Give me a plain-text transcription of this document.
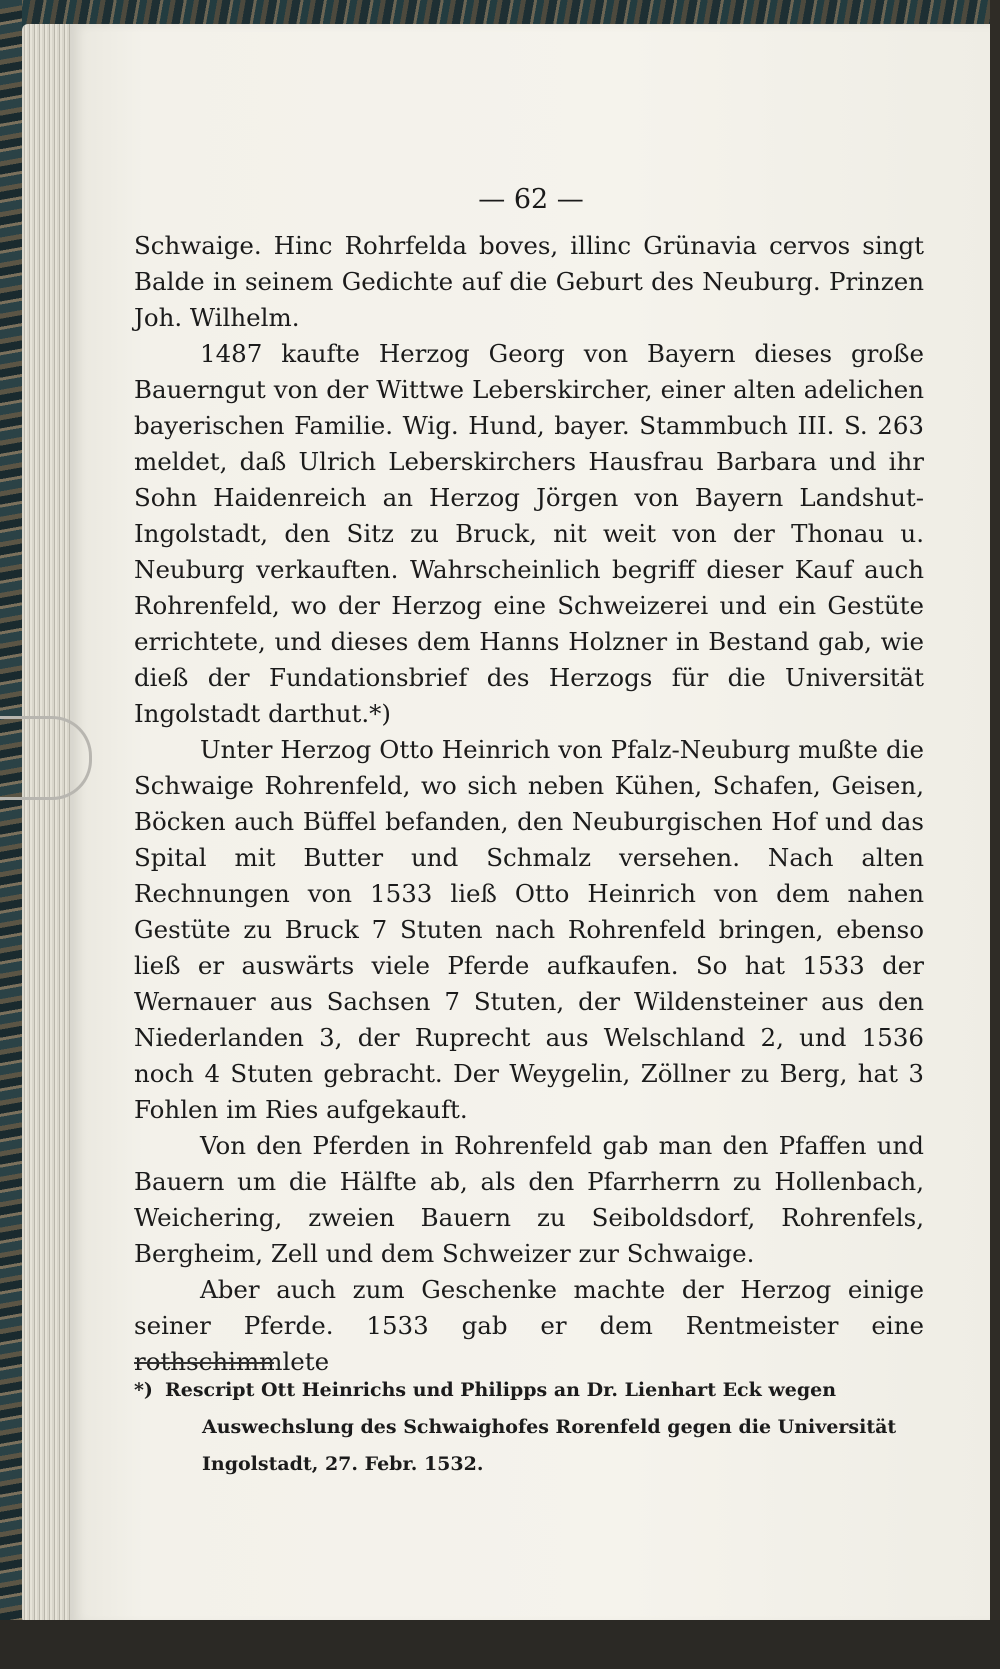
— 62 —

Schwaige. Hinc Rohrfelda boves, illinc Grünavia cervos singt Balde in seinem Gedichte auf die Geburt des Neuburg. Prinzen Joh. Wilhelm.

1487 kaufte Herzog Georg von Bayern dieses große Bauerngut von der Wittwe Leberskircher, einer alten adelichen bayerischen Familie. Wig. Hund, bayer. Stammbuch III. S. 263 meldet, daß Ulrich Leberskirchers Hausfrau Barbara und ihr Sohn Haidenreich an Herzog Jörgen von Bayern Landshut-Ingolstadt, den Sitz zu Bruck, nit weit von der Thonau u. Neuburg verkauften. Wahrscheinlich begriff dieser Kauf auch Rohrenfeld, wo der Herzog eine Schweizerei und ein Gestüte errichtete, und dieses dem Hanns Holzner in Bestand gab, wie dieß der Fundationsbrief des Herzogs für die Universität Ingolstadt darthut.*)

Unter Herzog Otto Heinrich von Pfalz-Neuburg mußte die Schwaige Rohrenfeld, wo sich neben Kühen, Schafen, Geisen, Böcken auch Büffel befanden, den Neuburgischen Hof und das Spital mit Butter und Schmalz versehen. Nach alten Rechnungen von 1533 ließ Otto Heinrich von dem nahen Gestüte zu Bruck 7 Stuten nach Rohrenfeld bringen, ebenso ließ er auswärts viele Pferde aufkaufen. So hat 1533 der Wernauer aus Sachsen 7 Stuten, der Wildensteiner aus den Niederlanden 3, der Ruprecht aus Welschland 2, und 1536 noch 4 Stuten gebracht. Der Weygelin, Zöllner zu Berg, hat 3 Fohlen im Ries aufgekauft.

Von den Pferden in Rohrenfeld gab man den Pfaffen und Bauern um die Hälfte ab, als den Pfarrherrn zu Hollenbach, Weichering, zweien Bauern zu Seiboldsdorf, Rohrenfels, Bergheim, Zell und dem Schweizer zur Schwaige.

Aber auch zum Geschenke machte der Herzog einige seiner Pferde. 1533 gab er dem Rentmeister eine rothschimmlete

*) Rescript Ott Heinrichs und Philipps an Dr. Lienhart Eck wegen
Auswechslung des Schwaighofes Rorenfeld gegen die Universität Ingolstadt, 27. Febr. 1532.
